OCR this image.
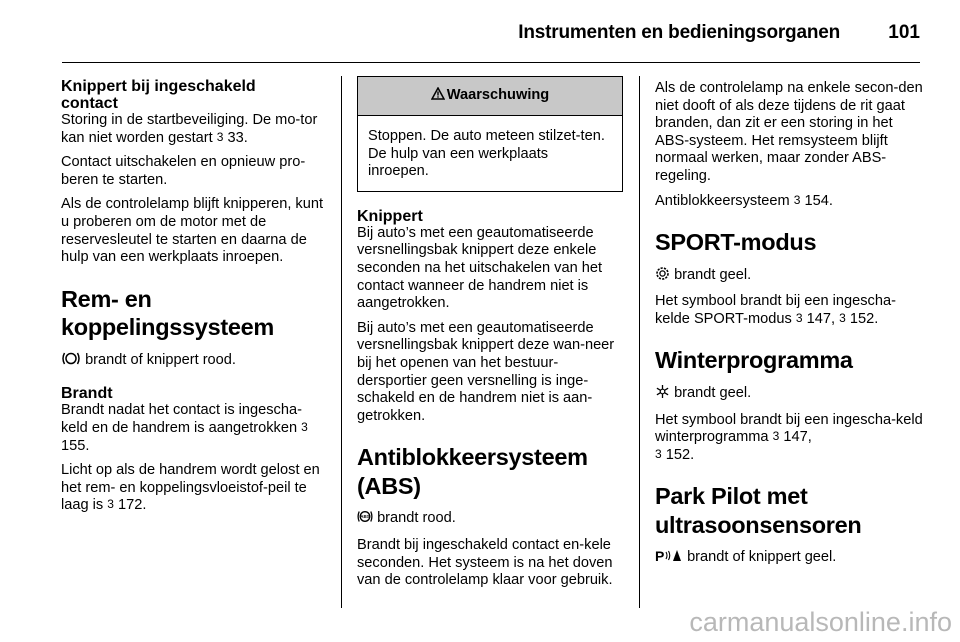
Instrumenten en bedieningsorganen	101
Knippert bij ingeschakeld contact

Storing in de startbeveiliging. De mo-tor kan niet worden gestart 3 33.

Contact uitschakelen en opnieuw pro-beren te starten.

Als de controlelamp blijft knipperen, kunt u proberen om de motor met de reservesleutel te starten en daarna de hulp van een werkplaats inroepen.

Rem- en koppelingssysteem

brandt of knippert rood.

Brandt

Brandt nadat het contact is ingescha-keld en de handrem is aangetrokken 3 155.

Licht op als de handrem wordt gelost en het rem- en koppelingsvloeistof-peil te laag is 3 172.

Waarschuwing
Stoppen. De auto meteen stilzet-ten. De hulp van een werkplaats inroepen.
Knippert

Bij auto’s met een geautomatiseerde versnellingsbak knippert deze enkele seconden na het uitschakelen van het contact wanneer de handrem niet is aangetrokken.

Bij auto’s met een geautomatiseerde versnellingsbak knippert deze wan-neer bij het openen van het bestuur-dersportier geen versnelling is inge-schakeld en de handrem niet is aan-getrokken.

Antiblokkeersysteem (ABS)

ABS brandt rood.

Brandt bij ingeschakeld contact en-kele seconden. Het systeem is na het doven van de controlelamp klaar voor gebruik.

Als de controlelamp na enkele secon-den niet dooft of als deze tijdens de rit gaat branden, dan zit er een storing in het ABS-systeem. Het remsysteem blijft normaal werken, maar zonder ABS-regeling.

Antiblokkeersysteem 3 154.

SPORT-modus

brandt geel.

Het symbool brandt bij een ingescha-kelde SPORT-modus 3 147, 3 152.

Winterprogramma

brandt geel.

Het symbool brandt bij een ingescha-keld winterprogramma 3 147,
3 152.

Park Pilot met ultrasoonsensoren

P brandt of knippert geel.

carmanualsonline.info
